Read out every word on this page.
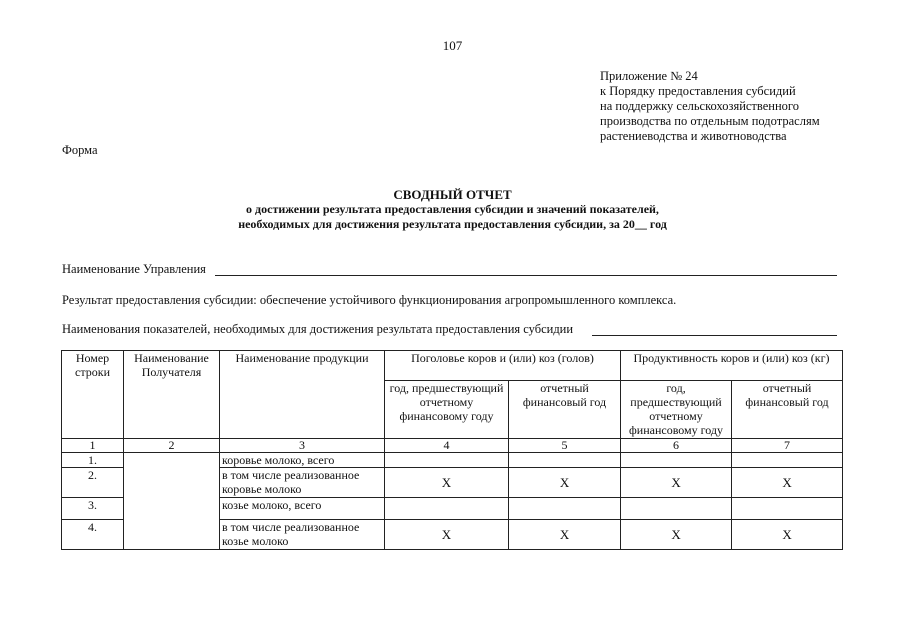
107
Приложение № 24
к Порядку предоставления субсидий
на поддержку сельскохозяйственного
производства по отдельным подотраслям
растениеводства и животноводства
Форма
СВОДНЫЙ ОТЧЕТ
о достижении результата предоставления субсидии и значений показателей,
необходимых для достижения результата предоставления субсидии, за 20__ год
Наименование Управления
Результат предоставления субсидии: обеспечение устойчивого функционирования агропромышленного комплекса.
Наименования показателей, необходимых для достижения результата предоставления субсидии
Номер строки	Наименование Получателя	Наименование продукции	Поголовье коров и (или) коз (голов)		Продуктивность коров и (или) коз (кг)	
			год, предшествующий отчетному финансовому году	отчетный финансовый год	год, предшествующий отчетному финансовому году	отчетный финансовый год
1	2	3	4	5	6	7
1.		коровье молоко, всего				
2.		в том числе реализованное коровье молоко	X	X	X	X
3.		козье молоко, всего				
4.		в том числе реализованное козье молоко	X	X	X	X
